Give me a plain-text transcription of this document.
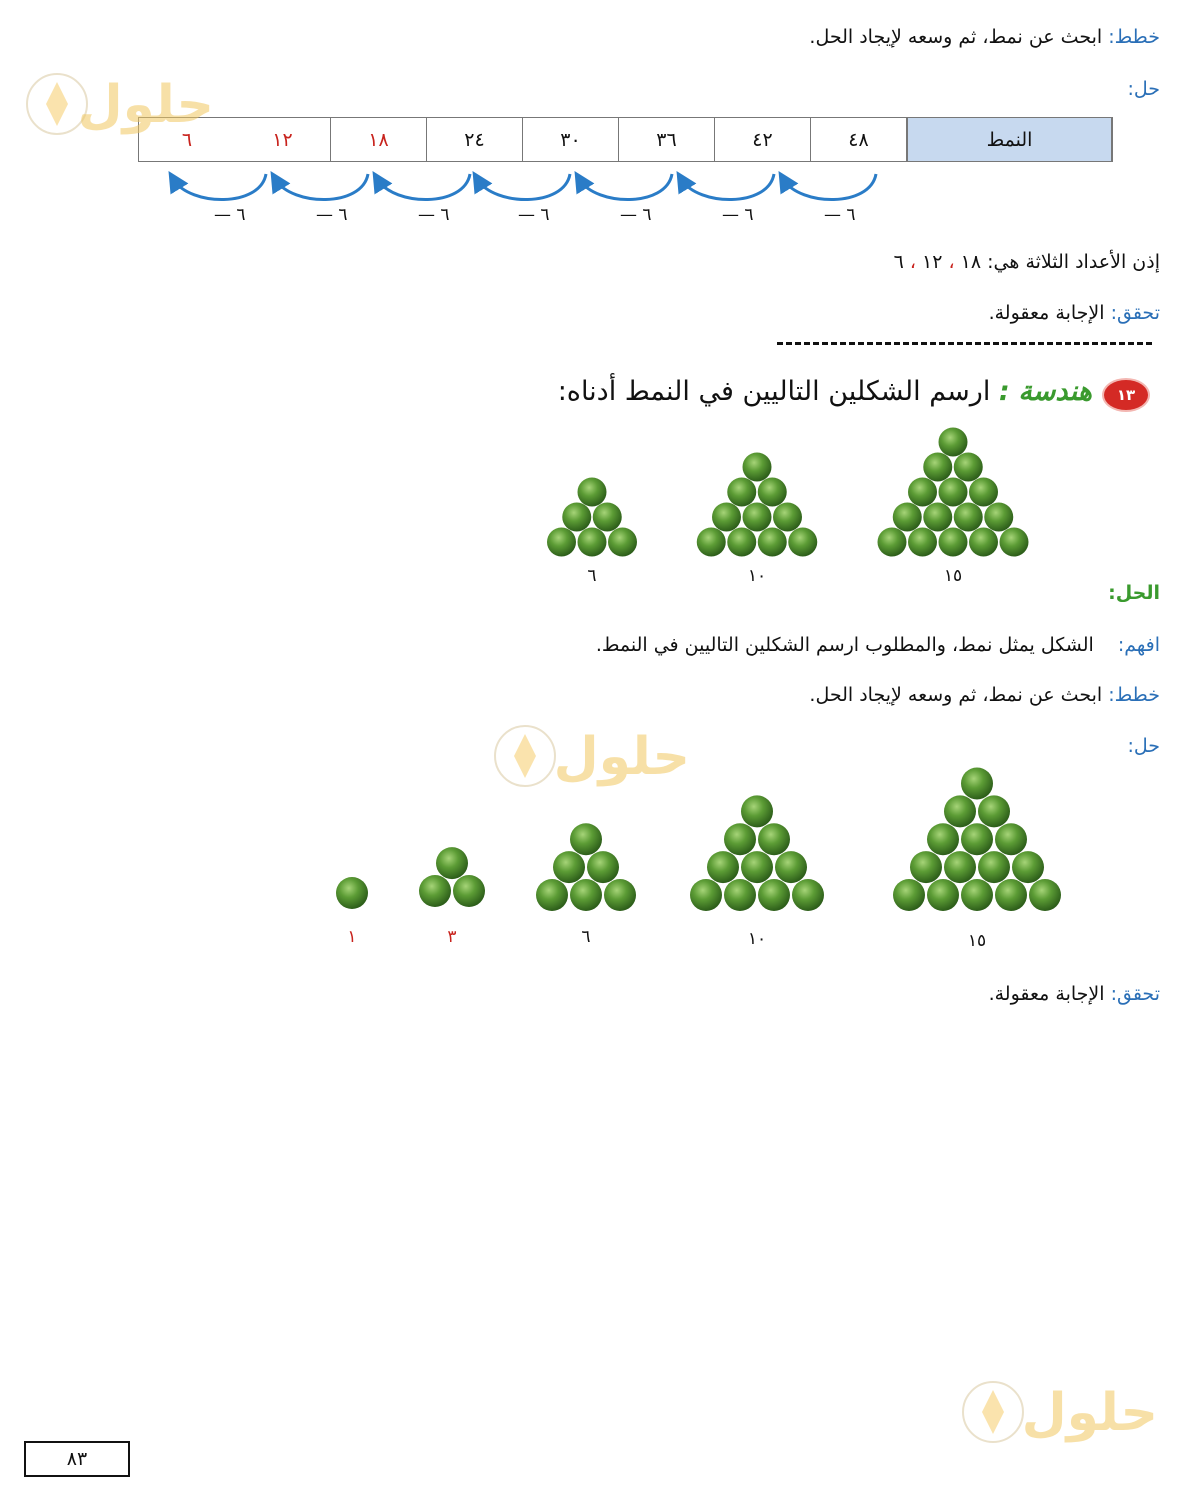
خطط: ابحث عن نمط، ثم وسعه لإيجاد الحل.
حل:
النمط
٤٨
٤٢
٣٦
٣٠
٢٤
١٨
١٢
٦
٦ —
٦ —
٦ —
٦ —
٦ —
٦ —
٦ —
إذن الأعداد الثلاثة هي: ١٨ ، ١٢ ، ٦
تحقق: الإجابة معقولة.
١٣
هندسة : ارسم الشكلين التاليين في النمط أدناه:
١٥
١٠
٦
الحل:
افهم: الشكل يمثل نمط، والمطلوب ارسم الشكلين التاليين في النمط.
خطط: ابحث عن نمط، ثم وسعه لإيجاد الحل.
حل:
١٥
١٠
٦
٣
١
تحقق: الإجابة معقولة.
حلول
حلول
حلول
٨٣
